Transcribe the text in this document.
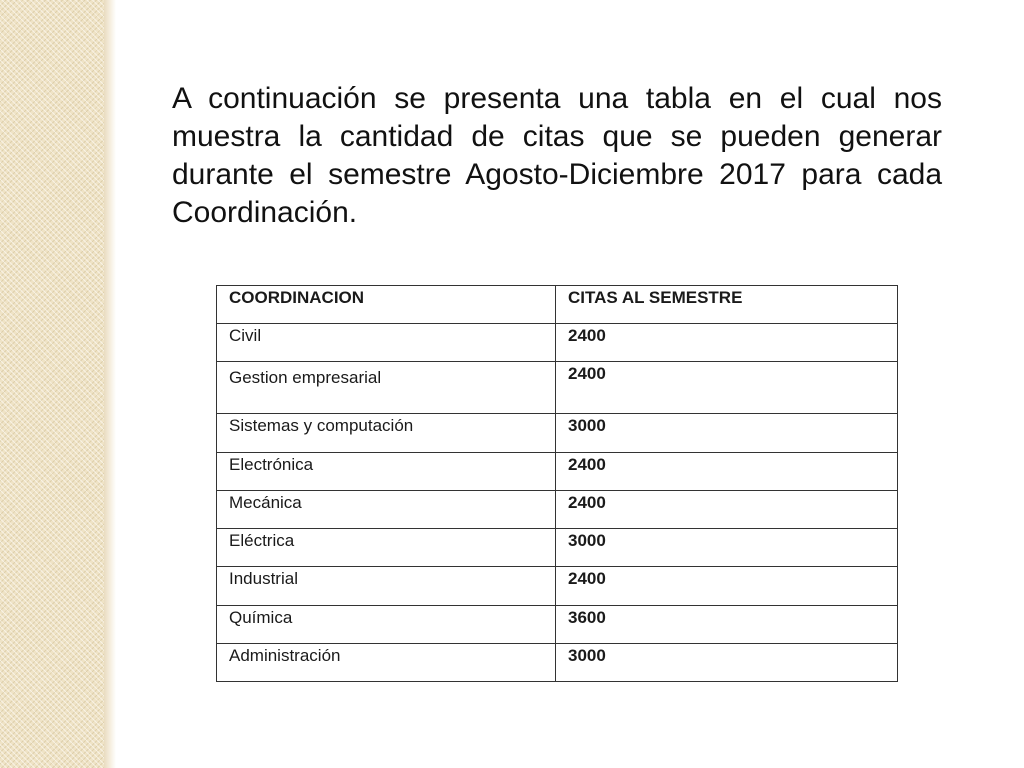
A continuación se presenta una tabla en el cual nos muestra la cantidad de citas que se pueden generar durante el semestre Agosto-Diciembre 2017 para cada Coordinación.

COORDINACION	CITAS AL SEMESTRE
Civil	2400
Gestion empresarial	2400
Sistemas y computación	3000
Electrónica	2400
Mecánica	2400
Eléctrica	3000
Industrial	2400
Química	3600
Administración	3000
